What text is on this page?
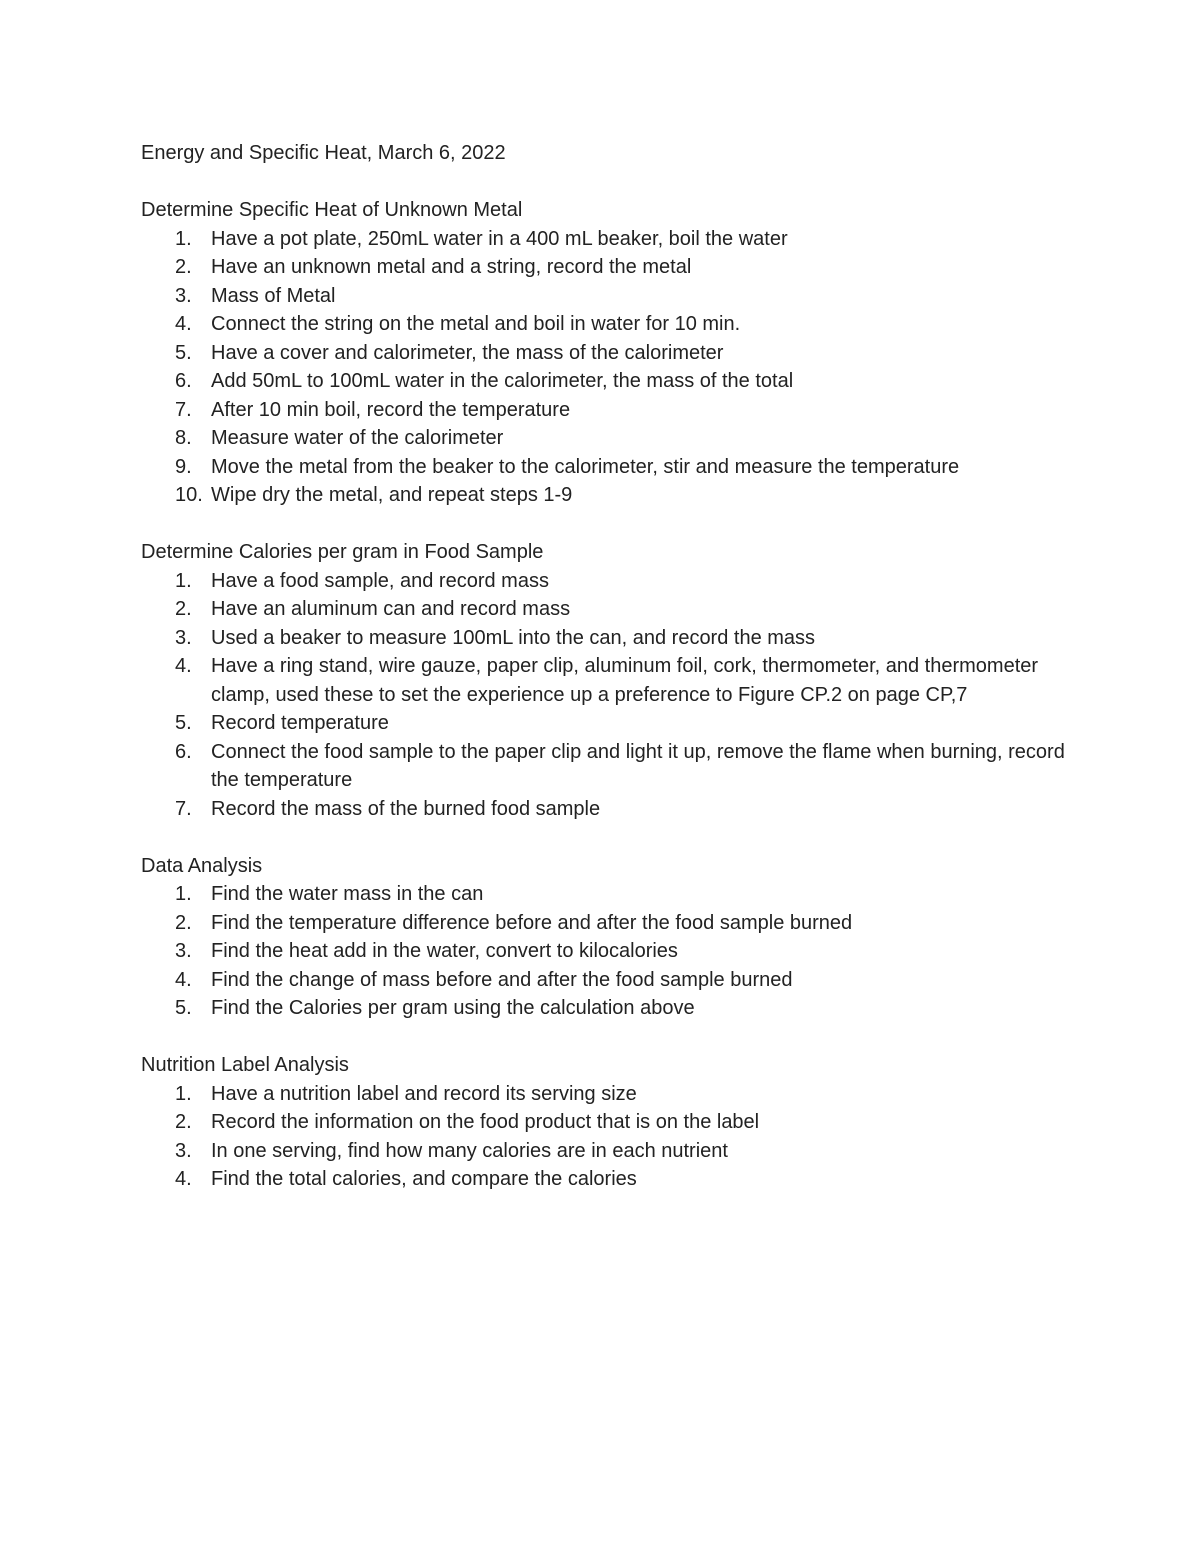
Energy and Specific Heat, March 6, 2022
Determine Specific Heat of Unknown Metal
1. Have a pot plate, 250mL water in a 400 mL beaker, boil the water
2. Have an unknown metal and a string, record the metal
3. Mass of Metal
4. Connect the string on the metal and boil in water for 10 min.
5. Have a cover and calorimeter, the mass of the calorimeter
6. Add 50mL to 100mL water in the calorimeter, the mass of the total
7. After 10 min boil, record the temperature
8. Measure water of the calorimeter
9. Move the metal from the beaker to the calorimeter, stir and measure the temperature
10. Wipe dry the metal, and repeat steps 1-9
Determine Calories per gram in Food Sample
1. Have a food sample, and record mass
2. Have an aluminum can and record mass
3. Used a beaker to measure 100mL into the can, and record the mass
4. Have a ring stand, wire gauze, paper clip, aluminum foil, cork, thermometer, and thermometer clamp, used these to set the experience up a preference to Figure CP.2 on page CP,7
5. Record temperature
6. Connect the food sample to the paper clip and light it up, remove the flame when burning, record the temperature
7. Record the mass of the burned food sample
Data Analysis
1. Find the water mass in the can
2. Find the temperature difference before and after the food sample burned
3. Find the heat add in the water, convert to kilocalories
4. Find the change of mass before and after the food sample burned
5. Find the Calories per gram using the calculation above
Nutrition Label Analysis
1. Have a nutrition label and record its serving size
2. Record the information on the food product that is on the label
3. In one serving, find how many calories are in each nutrient
4. Find the total calories, and compare the calories
